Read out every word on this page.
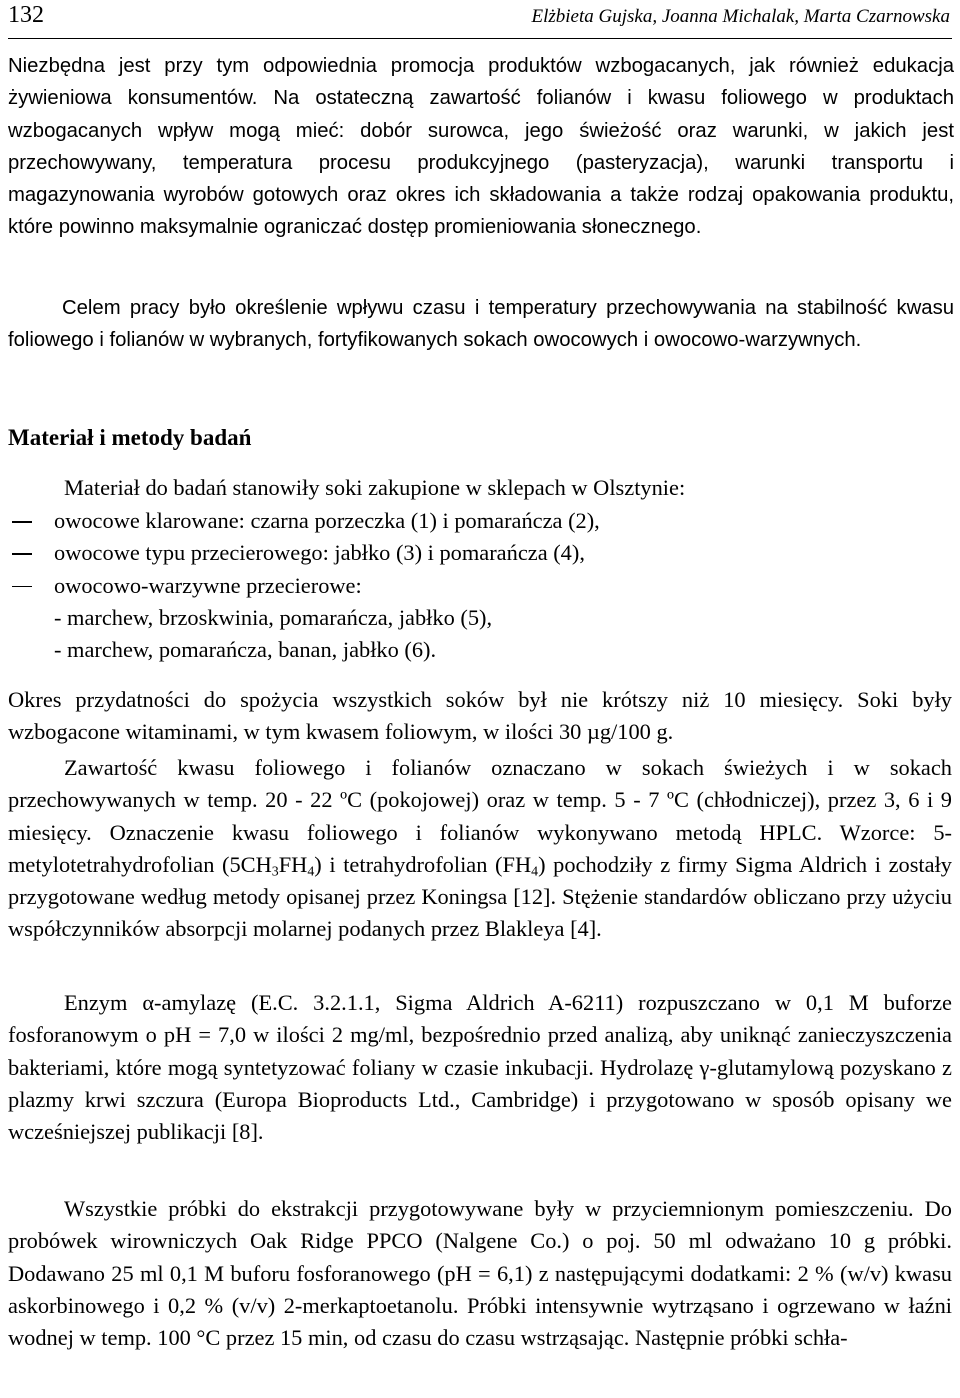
132	Elżbieta Gujska, Joanna Michalak, Marta Czarnowska

Niezbędna jest przy tym odpowiednia promocja produktów wzbogacanych, jak również edukacja żywieniowa konsumentów. Na ostateczną zawartość folianów i kwasu foliowego w produktach wzbogacanych wpływ mogą mieć: dobór surowca, jego świeżość oraz warunki, w jakich jest przechowywany, temperatura procesu produkcyjnego (pasteryzacja), warunki transportu i magazynowania wyrobów gotowych oraz okres ich składowania a także rodzaj opakowania produktu, które powinno maksymalnie ograniczać dostęp promieniowania słonecznego.

Celem pracy było określenie wpływu czasu i temperatury przechowywania na stabilność kwasu foliowego i folianów w wybranych, fortyfikowanych sokach owocowych i owocowo-warzywnych.

Materiał i metody badań

Materiał do badań stanowiły soki zakupione w sklepach w Olsztynie:

owocowe klarowane: czarna porzeczka (1) i pomarańcza (2),
owocowe typu przecierowego: jabłko (3) i pomarańcza (4),
owocowo-warzywne przecierowe:
- marchew, brzoskwinia, pomarańcza, jabłko (5),
- marchew, pomarańcza, banan, jabłko (6).

Okres przydatności do spożycia wszystkich soków był nie krótszy niż 10 miesięcy. Soki były wzbogacone witaminami, w tym kwasem foliowym, w ilości 30 µg/100 g.

Zawartość kwasu foliowego i folianów oznaczano w sokach świeżych i w sokach przechowywanych w temp. 20 - 22 ºC (pokojowej) oraz w temp. 5 - 7 ºC (chłodniczej), przez 3, 6 i 9 miesięcy. Oznaczenie kwasu foliowego i folianów wykonywano metodą HPLC. Wzorce: 5-metylotetrahydrofolian $(5CH_3FH_4)$ i tetrahydrofolian $(FH_4)$ pochodziły z firmy Sigma Aldrich i zostały przygotowane według metody opisanej przez Koningsa [12]. Stężenie standardów obliczano przy użyciu współczynników absorpcji molarnej podanych przez Blakleya [4].

Enzym α-amylazę (E.C. 3.2.1.1, Sigma Aldrich A-6211) rozpuszczano w 0,1 M buforze fosforanowym o pH = 7,0 w ilości 2 mg/ml, bezpośrednio przed analizą, aby uniknąć zanieczyszczenia bakteriami, które mogą syntetyzować foliany w czasie inkubacji. Hydrolazę γ-glutamylową pozyskano z plazmy krwi szczura (Europa Bioproducts Ltd., Cambridge) i przygotowano w sposób opisany we wcześniejszej publikacji [8].

Wszystkie próbki do ekstrakcji przygotowywane były w przyciemnionym pomieszczeniu. Do probówek wirowniczych Oak Ridge PPCO (Nalgene Co.) o poj. 50 ml odważano 10 g próbki. Dodawano 25 ml 0,1 M buforu fosforanowego (pH = 6,1) z następującymi dodatkami: 2 % (w/v) kwasu askorbinowego i 0,2 % (v/v) 2-merkaptoetanolu. Próbki intensywnie wytrząsano i ogrzewano w łaźni wodnej w temp. 100 °C przez 15 min, od czasu do czasu wstrząsając. Następnie próbki schła-
